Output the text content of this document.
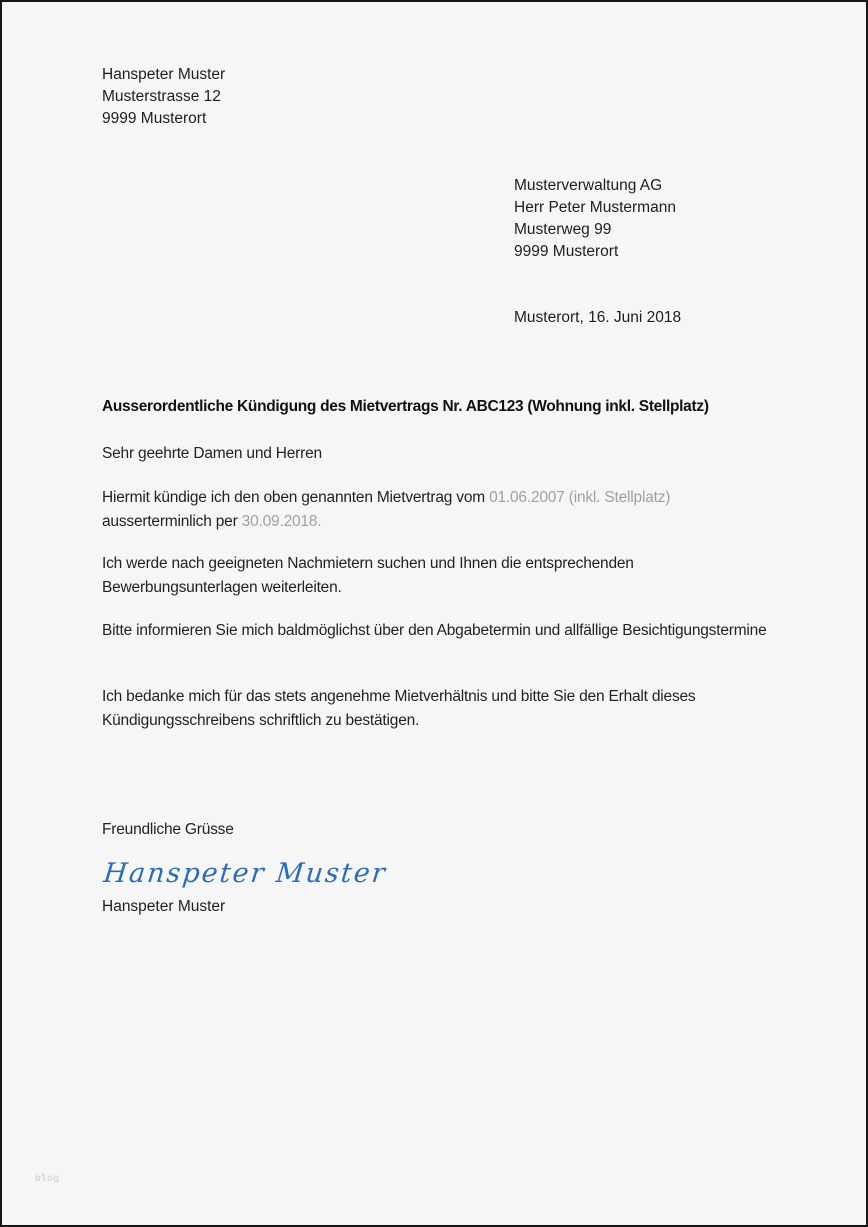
Hanspeter Muster
Musterstrasse 12
9999 Musterort
Musterverwaltung AG
Herr Peter Mustermann
Musterweg 99
9999 Musterort
Musterort, 16. Juni 2018
Ausserordentliche Kündigung des Mietvertrags Nr. ABC123 (Wohnung inkl. Stellplatz)
Sehr geehrte Damen und Herren
Hiermit kündige ich den oben genannten Mietvertrag vom 01.06.2007 (inkl. Stellplatz) ausserterminlich per 30.09.2018.
Ich werde nach geeigneten Nachmietern suchen und Ihnen die entsprechenden Bewerbungsunterlagen weiterleiten.
Bitte informieren Sie mich baldmöglichst über den Abgabetermin und allfällige Besichtigungstermine
Ich bedanke mich für das stets angenehme Mietverhältnis und bitte Sie den Erhalt dieses Kündigungsschreibens schriftlich zu bestätigen.
Freundliche Grüsse
Hanspeter Muster
Hanspeter Muster
blog
